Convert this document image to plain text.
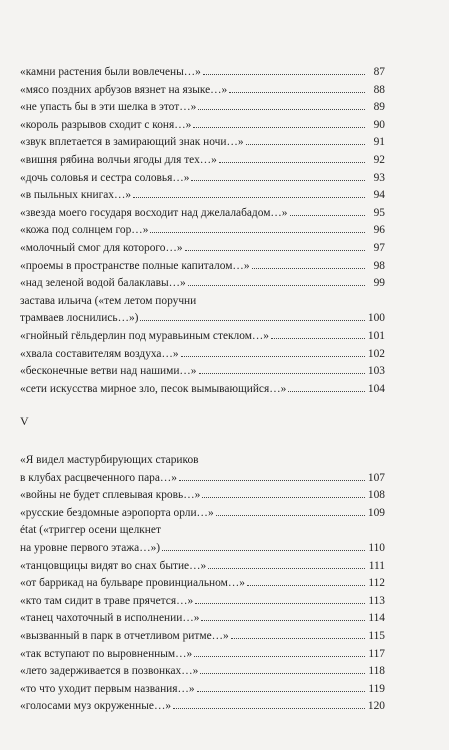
«камни растения были вовлечены…»	87
«мясо поздних арбузов вязнет на языке…»	88
«не упасть бы в эти шелка в этот…»	89
«король разрывов сходит с коня…»	90
«звук вплетается в замирающий знак ночи…»	91
«вишня рябина волчьи ягоды для тех…»	92
«дочь соловья и сестра соловья…»	93
«в пыльных книгах…»	94
«звезда моего государя восходит над джелалабадом…»	95
«кожа под солнцем гор…»	96
«молочный смог для которого…»	97
«проемы в пространстве полные капиталом…»	98
«над зеленой водой балаклавы…»	99
застава ильича («тем летом поручни
трамваев лоснились…»)	100
«гнойный гёльдерлин под муравьиным стеклом…»	101
«хвала составителям воздуха…»	102
«бесконечные ветви над нашими…»	103
«сети искусства мирное зло, песок вымывающийся…»	104
V
«Я видел мастурбирующих стариков
в клубах расцвеченного пара…»	107
«войны не будет сплевывая кровь…»	108
«русские бездомные аэропорта орли…»	109
état («триггер осени щелкнет
на уровне первого этажа…»)	110
«танцовщицы видят во снах бытие…»	111
«от баррикад на бульваре провинциальном…»	112
«кто там сидит в траве прячется…»	113
«танец чахоточный в исполнении…»	114
«вызванный в парк в отчетливом ритме…»	115
«так вступают по выровненным…»	117
«лето задерживается в позвонках…»	118
«то что уходит первым названия…»	119
«голосами муз окруженные…»	120
